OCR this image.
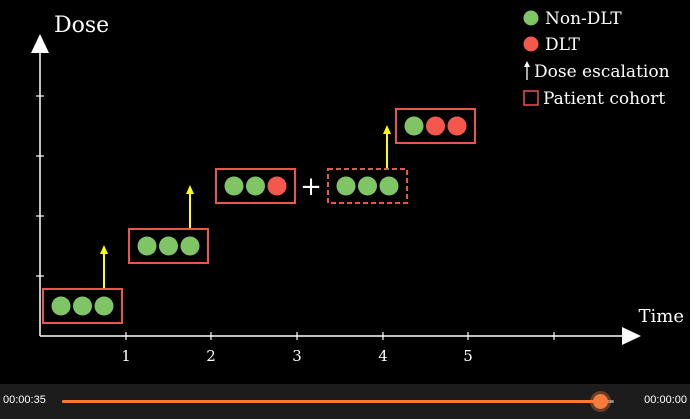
1	2	3	4	5
Dose
Time
Non-DLT
DLT
Dose escalation
Patient cohort
+
00:00:35	00:00:00
